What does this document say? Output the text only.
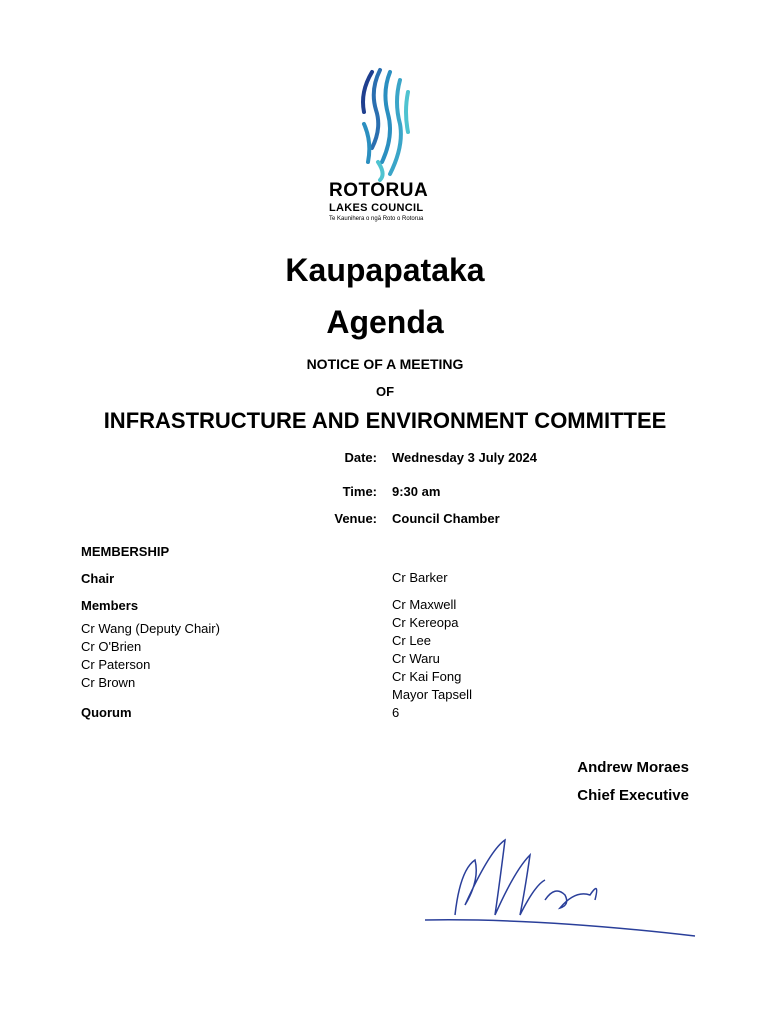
ROTORUA
LAKES COUNCIL
Te Kaunihera o ngā Roto o Rotorua
Kaupapataka
Agenda
NOTICE OF A MEETING
OF
INFRASTRUCTURE AND ENVIRONMENT COMMITTEE
Date: Wednesday 3 July 2024
Time: 9:30 am
Venue: Council Chamber
MEMBERSHIP
Chair	Cr Barker
Members
Cr Wang (Deputy Chair)
Cr O'Brien
Cr Paterson
Cr Brown
Cr Maxwell
Cr Kereopa
Cr Lee
Cr Waru
Cr Kai Fong
Mayor Tapsell
6
Quorum
Andrew Moraes
Chief Executive
